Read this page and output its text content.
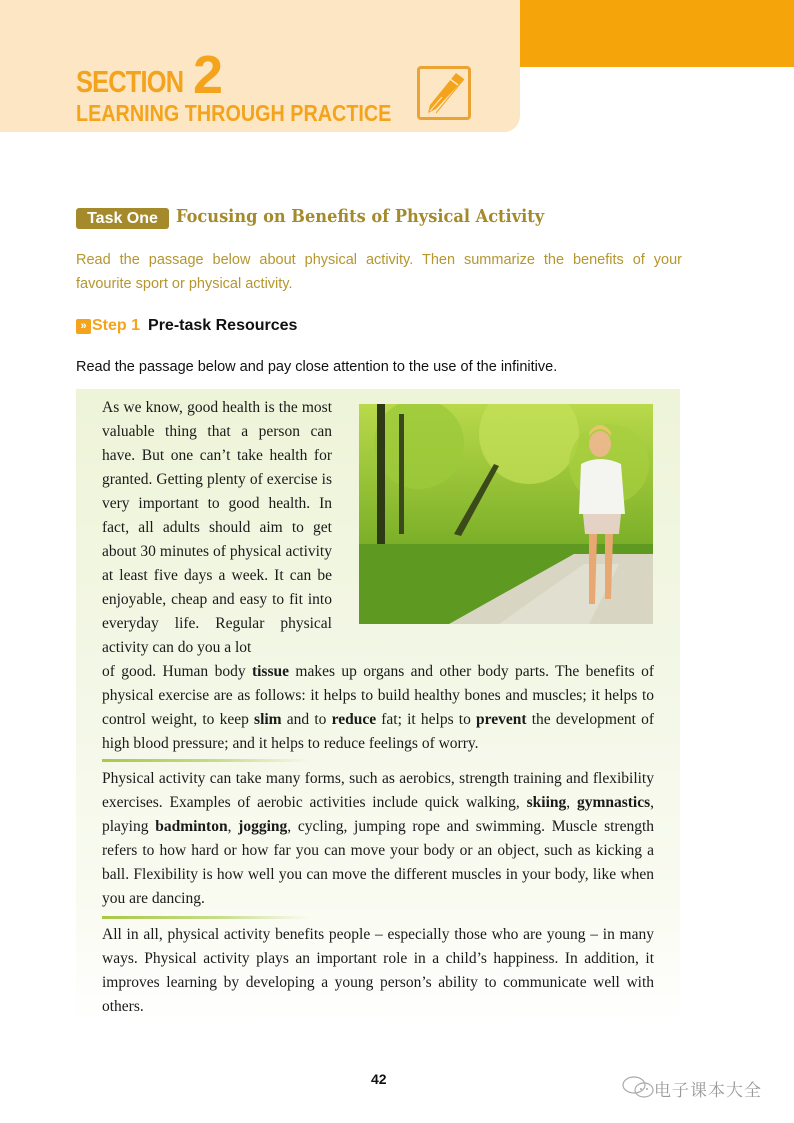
SECTION 2
LEARNING THROUGH PRACTICE
Task One	Focusing on Benefits of Physical Activity
Read the passage below about physical activity. Then summarize the benefits of your favourite sport or physical activity.
» Step 1 Pre-task Resources
Read the passage below and pay close attention to the use of the infinitive.
As we know, good health is the most valuable thing that a person can have. But one can’t take health for granted. Getting plenty of exercise is very important to good health. In fact, all adults should aim to get about 30 minutes of physical activity at least five days a week. It can be enjoyable, cheap and easy to fit into everyday life. Regular physical activity can do you a lot
of good. Human body tissue makes up organs and other body parts. The benefits of physical exercise are as follows: it helps to build healthy bones and muscles; it helps to control weight, to keep slim and to reduce fat; it helps to prevent the development of high blood pressure; and it helps to reduce feelings of worry.
Physical activity can take many forms, such as aerobics, strength training and flexibility exercises. Examples of aerobic activities include quick walking, skiing, gymnastics, playing badminton, jogging, cycling, jumping rope and swimming. Muscle strength refers to how hard or how far you can move your body or an object, such as kicking a ball. Flexibility is how well you can move the different muscles in your body, like when you are dancing.
All in all, physical activity benefits people – especially those who are young – in many ways. Physical activity plays an important role in a child’s happiness. In addition, it improves learning by developing a young person’s ability to communicate well with others.
42
电子课本大全
